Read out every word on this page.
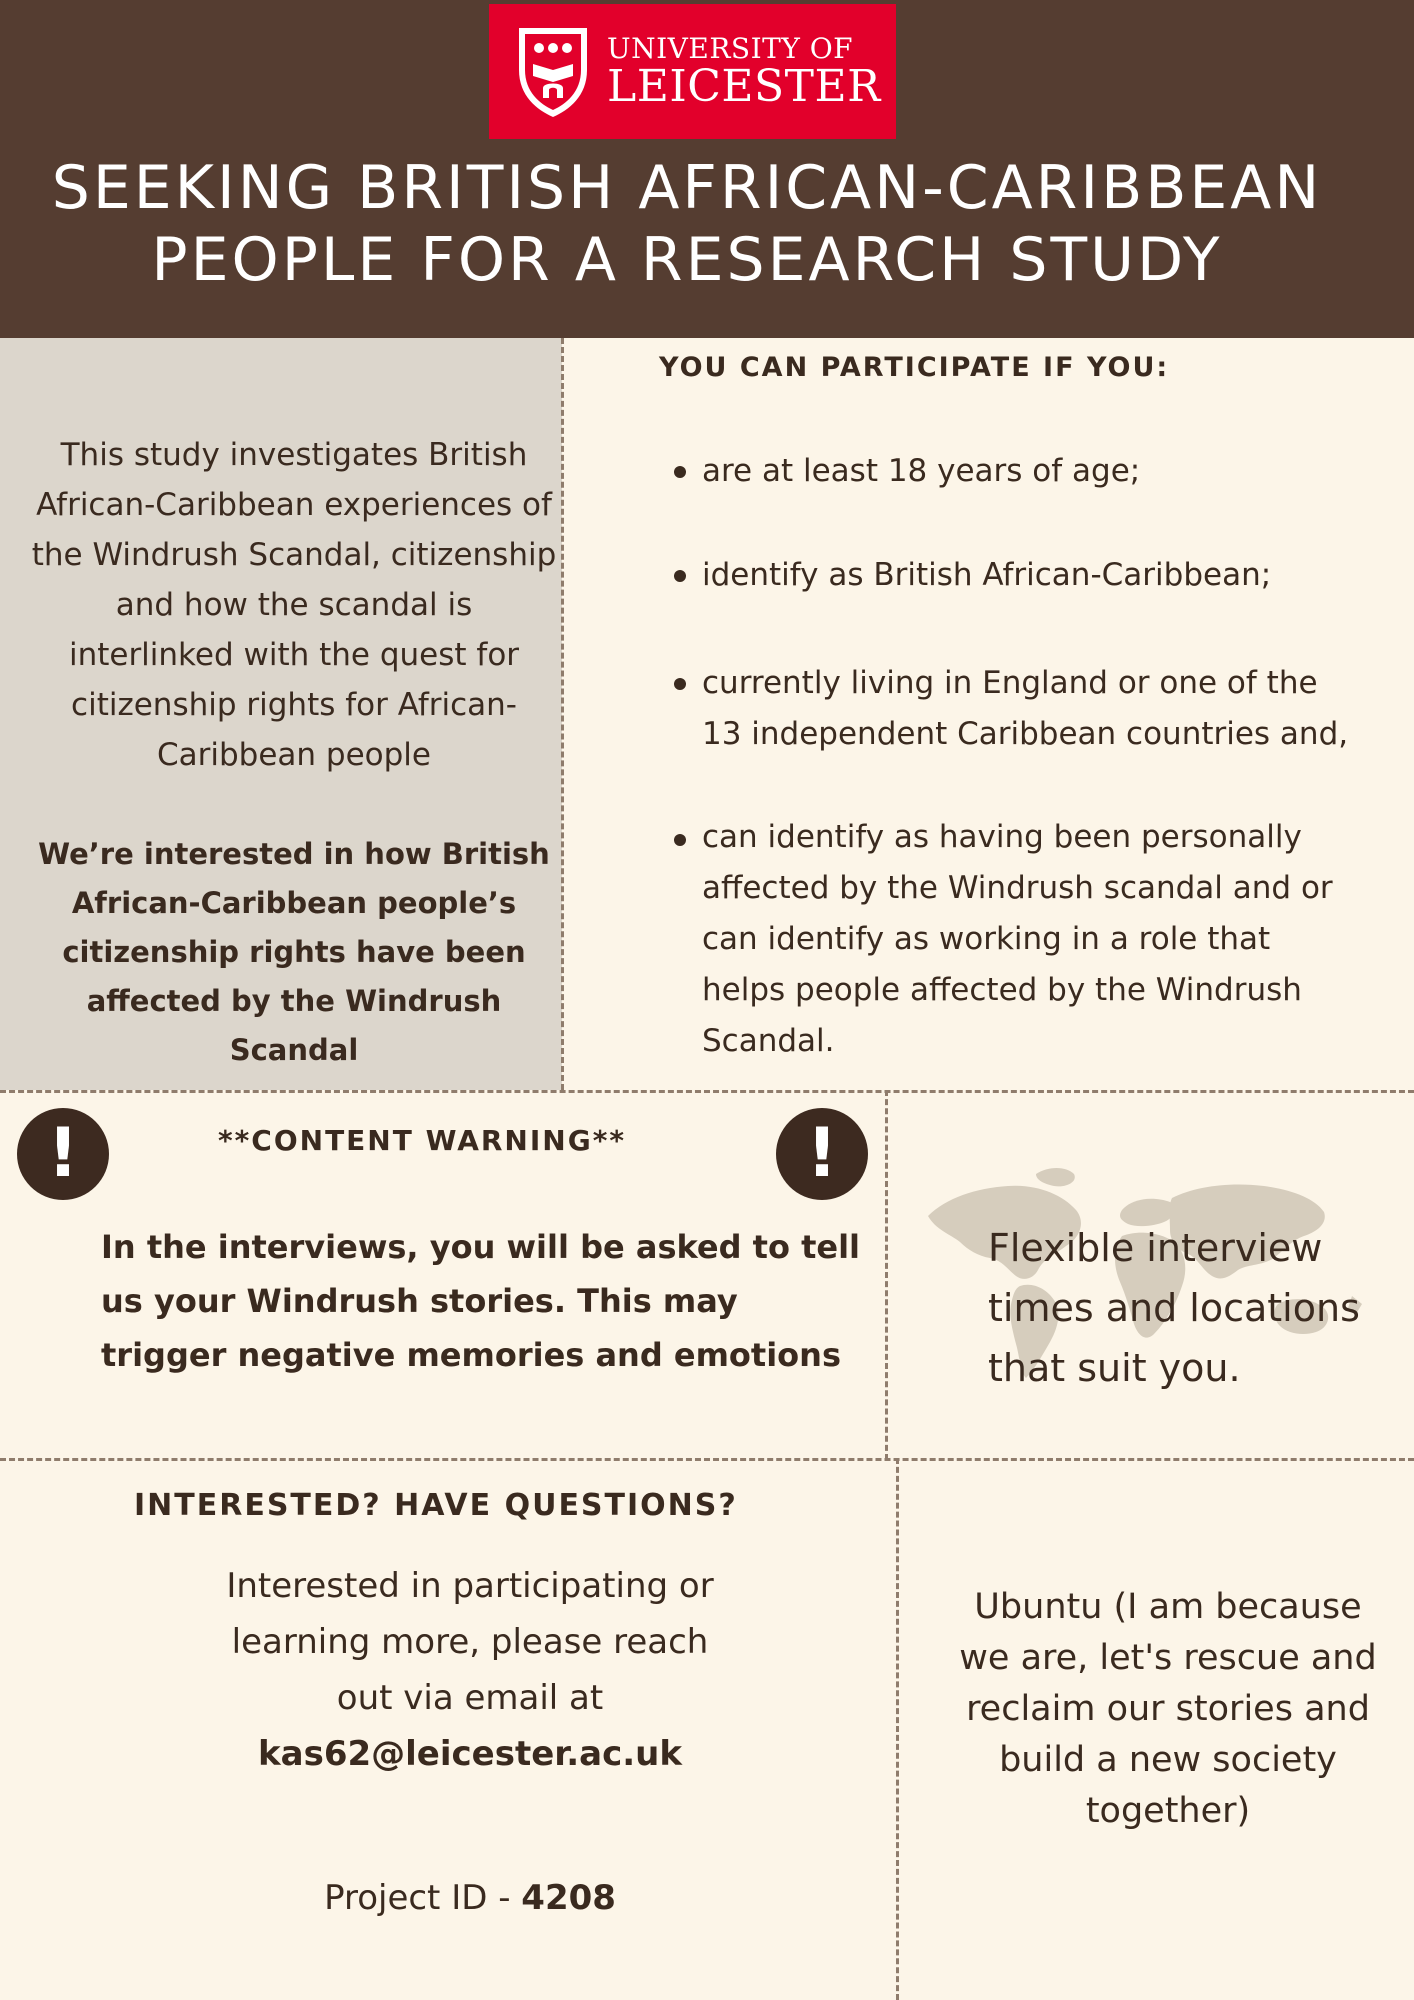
UNIVERSITY OF
LEICESTER
SEEKING BRITISH AFRICAN-CARIBBEAN
PEOPLE FOR A RESEARCH STUDY

This study investigates British African-Caribbean experiences of the Windrush Scandal, citizenship and how the scandal is interlinked with the quest for citizenship rights for African-Caribbean people

We’re interested in how British African-Caribbean people’s citizenship rights have been affected by the Windrush Scandal

YOU CAN PARTICIPATE IF YOU:

are at least 18 years of age;

identify as British African-Caribbean;

currently living in England or one of the 13 independent Caribbean countries and,

can identify as having been personally affected by the Windrush scandal and or can identify as working in a role that helps people affected by the Windrush Scandal.

!	!
**CONTENT WARNING**

In the interviews, you will be asked to tell us your Windrush stories. This may trigger negative memories and emotions

Flexible interview times and locations that suit you.

INTERESTED? HAVE QUESTIONS?

Interested in participating or learning more, please reach out via email at
kas62@leicester.ac.uk

Project ID - 4208

Ubuntu (I am because we are, let's rescue and reclaim our stories and build a new society together)
